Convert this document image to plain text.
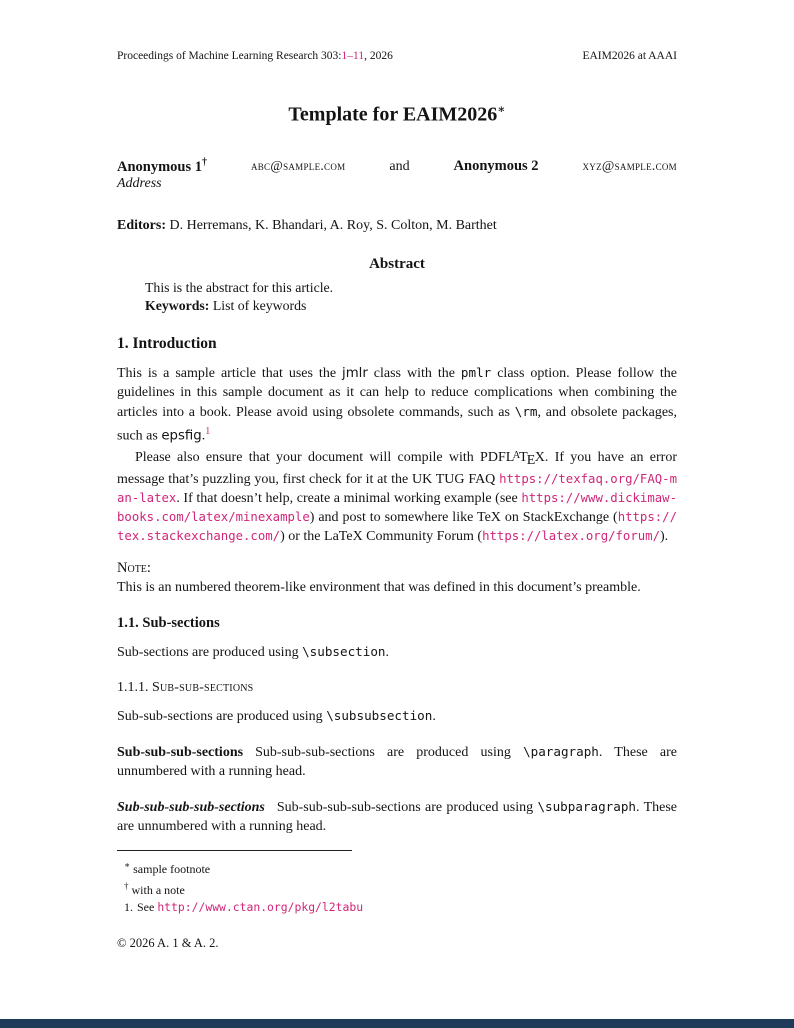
Proceedings of Machine Learning Research 303:1–11, 2026	EAIM2026 at AAAI
Template for EAIM2026∗
Anonymous 1†	abc@sample.com	and	Anonymous 2	xyz@sample.com
Address
Editors: D. Herremans, K. Bhandari, A. Roy, S. Colton, M. Barthet
Abstract
This is the abstract for this article.
Keywords: List of keywords
1. Introduction

This is a sample article that uses the jmlr class with the pmlr class option. Please follow the guidelines in this sample document as it can help to reduce complications when combining the articles into a book. Please avoid using obsolete commands, such as \rm, and obsolete packages, such as epsfig.$^1$

Please also ensure that your document will compile with $PDFL^ATEX$. If you have an error message that’s puzzling you, first check for it at the UK TUG FAQ https://texfaq.org/FAQ-man-latex. If that doesn’t help, create a minimal working example (see https://www.dickimaw-books.com/latex/minexample) and post to somewhere like TeX on StackExchange (https://tex.stackexchange.com/) or the LaTeX Community Forum (https://latex.org/forum/).

Note:
This is an numbered theorem-like environment that was defined in this document’s preamble.
1.1. Sub-sections

Sub-sections are produced using \subsection.

1.1.1. Sub-sub-sections

Sub-sub-sections are produced using \subsubsection.

Sub-sub-sub-sections Sub-sub-sub-sections are produced using \paragraph. These are unnumbered with a running head.

Sub-sub-sub-sub-sections Sub-sub-sub-sub-sections are produced using \subparagraph. These are unnumbered with a running head.

∗ sample footnote
† with a note
1. See http://www.ctan.org/pkg/l2tabu
© 2026 A. 1 & A. 2.
